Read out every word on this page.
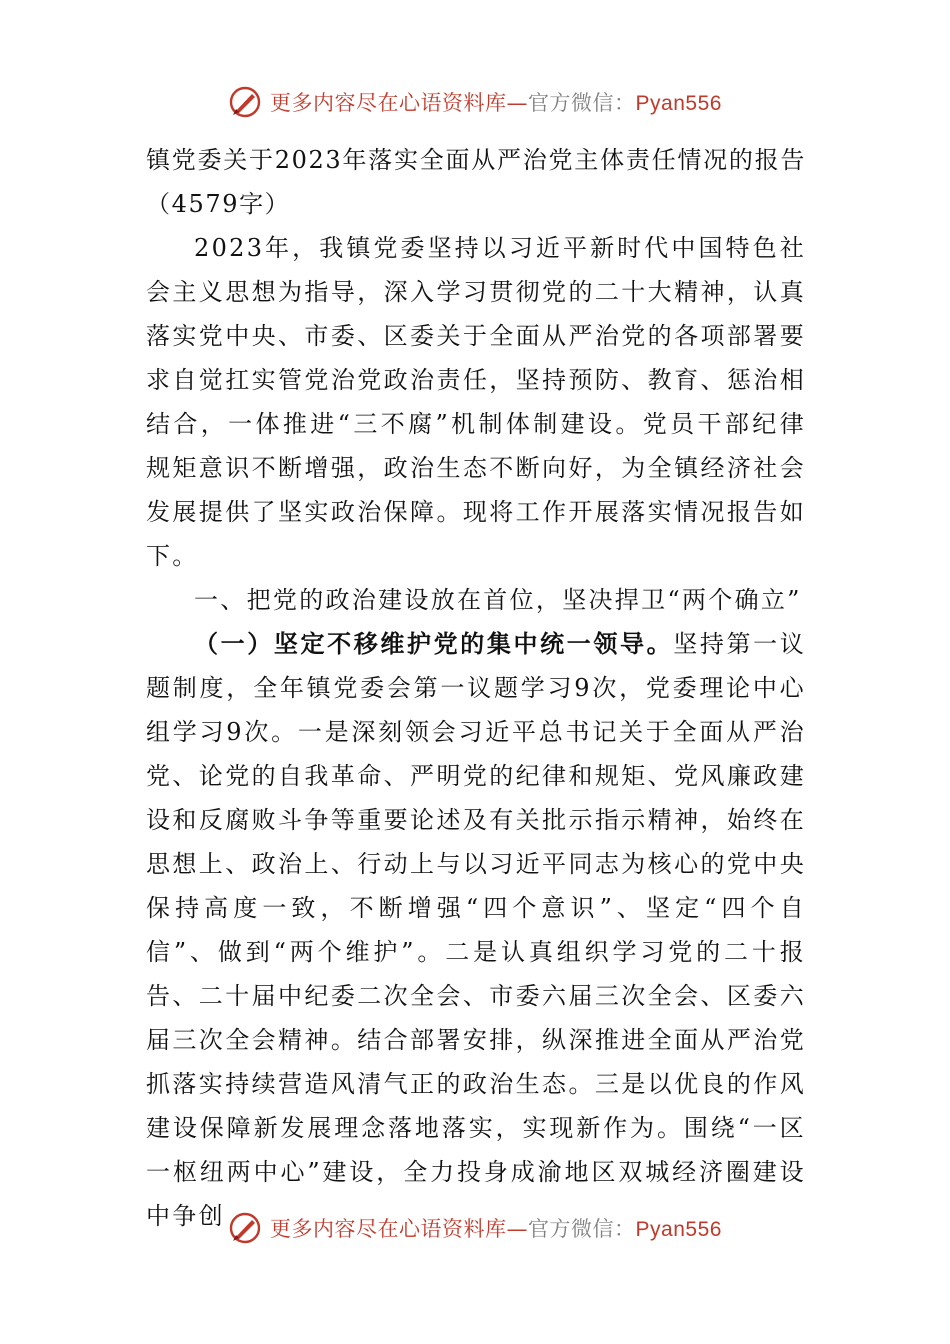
更多内容尽在心语资料库—官方微信：Pyan556

镇党委关于2023年落实全面从严治党主体责任情况的报告（4579字）

2023年，我镇党委坚持以习近平新时代中国特色社会主义思想为指导，深入学习贯彻党的二十大精神，认真落实党中央、市委、区委关于全面从严治党的各项部署要求自觉扛实管党治党政治责任，坚持预防、教育、惩治相结合，一体推进“三不腐”机制体制建设。党员干部纪律规矩意识不断增强，政治生态不断向好，为全镇经济社会发展提供了坚实政治保障。现将工作开展落实情况报告如下。

一、把党的政治建设放在首位，坚决捍卫“两个确立”

（一）坚定不移维护党的集中统一领导。坚持第一议题制度，全年镇党委会第一议题学习9次，党委理论中心组学习9次。一是深刻领会习近平总书记关于全面从严治党、论党的自我革命、严明党的纪律和规矩、党风廉政建设和反腐败斗争等重要论述及有关批示指示精神，始终在思想上、政治上、行动上与以习近平同志为核心的党中央保持高度一致，不断增强“四个意识”、坚定“四个自信”、做到“两个维护”。二是认真组织学习党的二十报告、二十届中纪委二次全会、市委六届三次全会、区委六届三次全会精神。结合部署安排，纵深推进全面从严治党抓落实持续营造风清气正的政治生态。三是以优良的作风建设保障新发展理念落地落实，实现新作为。围绕“一区一枢纽两中心”建设，全力投身成渝地区双城经济圈建设中争创	更多内容尽在心语资料库—官方微信：Pyan556
